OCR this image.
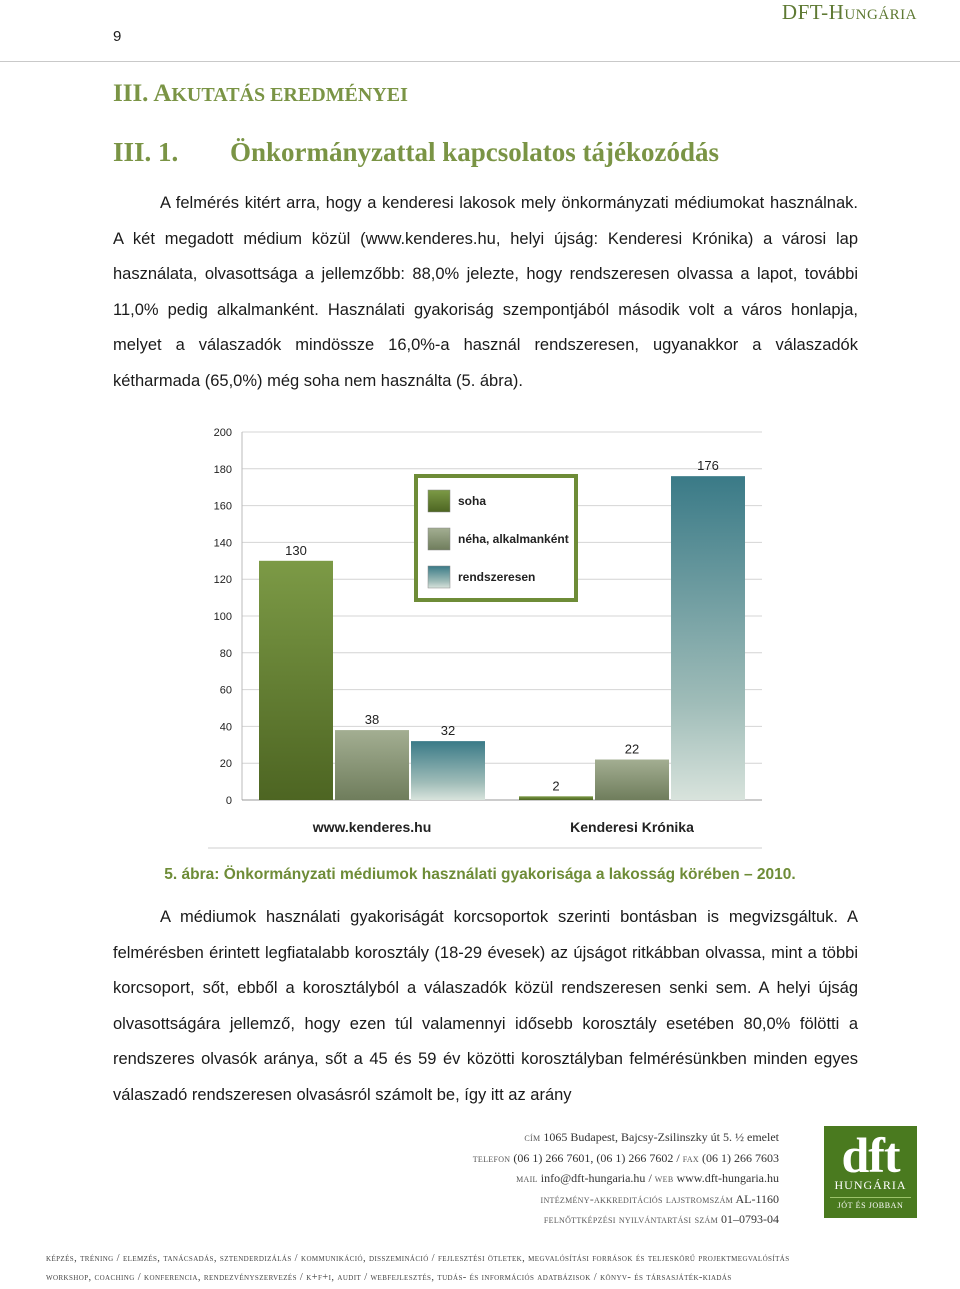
9
DFT-Hungária
III. AKUTATÁS EREDMÉNYEI
III. 1. Önkormányzattal kapcsolatos tájékozódás

A felmérés kitért arra, hogy a kenderesi lakosok mely önkormányzati médiumokat használnak. A két megadott médium közül (www.kenderes.hu, helyi újság: Kenderesi Krónika) a városi lap használata, olvasottsága a jellemzőbb: 88,0% jelezte, hogy rendszeresen olvassa a lapot, további 11,0% pedig alkalmanként. Használati gyakoriság szempontjából második volt a város honlapja, melyet a válaszadók mindössze 16,0%-a használ rendszeresen, ugyanakkor a válaszadók kétharmada (65,0%) még soha nem használta (5. ábra).

0
20
40
60
80
100
120
140
160
180
200
130
38
32
2
22
176
www.kenderes.hu	Kenderesi Krónika
soha
néha, alkalmanként
rendszeresen
5. ábra: Önkormányzati médiumok használati gyakorisága a lakosság körében – 2010.

A médiumok használati gyakoriságát korcsoportok szerinti bontásban is megvizsgáltuk. A felmérésben érintett legfiatalabb korosztály (18-29 évesek) az újságot ritkábban olvassa, mint a többi korcsoport, sőt, ebből a korosztályból a válaszadók közül rendszeresen senki sem. A helyi újság olvasottságára jellemző, hogy ezen túl valamennyi idősebb korosztály esetében 80,0% fölötti a rendszeres olvasók aránya, sőt a 45 és 59 év közötti korosztályban felmérésünkben minden egyes válaszadó rendszeresen olvasásról számolt be, így itt az arány

cím 1065 Budapest, Bajcsy-Zsilinszky út 5. ½ emelet
telefon (06 1) 266 7601, (06 1) 266 7602 / fax (06 1) 266 7603
mail info@dft-hungaria.hu / web www.dft-hungaria.hu
intézmény-akkreditációs lajstromszám AL-1160
felnőttképzési nyilvántartási szám 01–0793-04
dft
HUNGÁRIA
JÓT ÉS JOBBAN
képzés, tréning / elemzés, tanácsadás, sztenderdizálás / kommunikáció, disszemináció / fejlesztési ötletek, megvalósítási források és teljeskörű projektmegvalósítás
workshop, coaching / konferencia, rendezvényszervezés / k+f+i, audit / webfejlesztés, tudás- és információs adatbázisok / könyv- és társasjáték-kiadás
